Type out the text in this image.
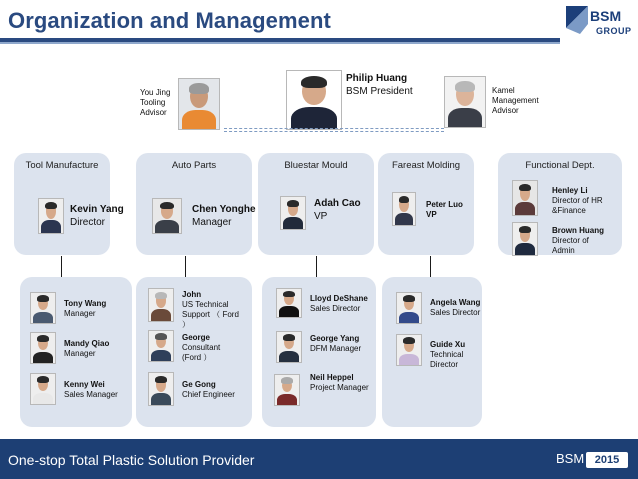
Organization and Management	BSM
GROUP
You Jing
Tooling
Advisor
Philip Huang
BSM President	Kamel
Management
Advisor
Tool Manufacture
Kevin Yang
Director
Auto Parts
Chen Yonghe
Manager
Bluestar Mould
Adah Cao
VP
Fareast Molding
Peter Luo
VP
Functional Dept.
Henley Li
Director of HR
&Finance
Brown Huang
Director of
Admin
Tony Wang
Manager
Mandy Qiao
Manager
Kenny Wei
Sales Manager
John
US Technical
Support （ Ford
）
George
Consultant
(Ford ）
Ge Gong
Chief Engineer
Lloyd DeShane
Sales Director
George Yang
DFM Manager
Neil Heppel
Project Manager
Angela Wang
Sales Director
Guide Xu
Technical
Director
One-stop Total Plastic Solution Provider	BSM 2015
